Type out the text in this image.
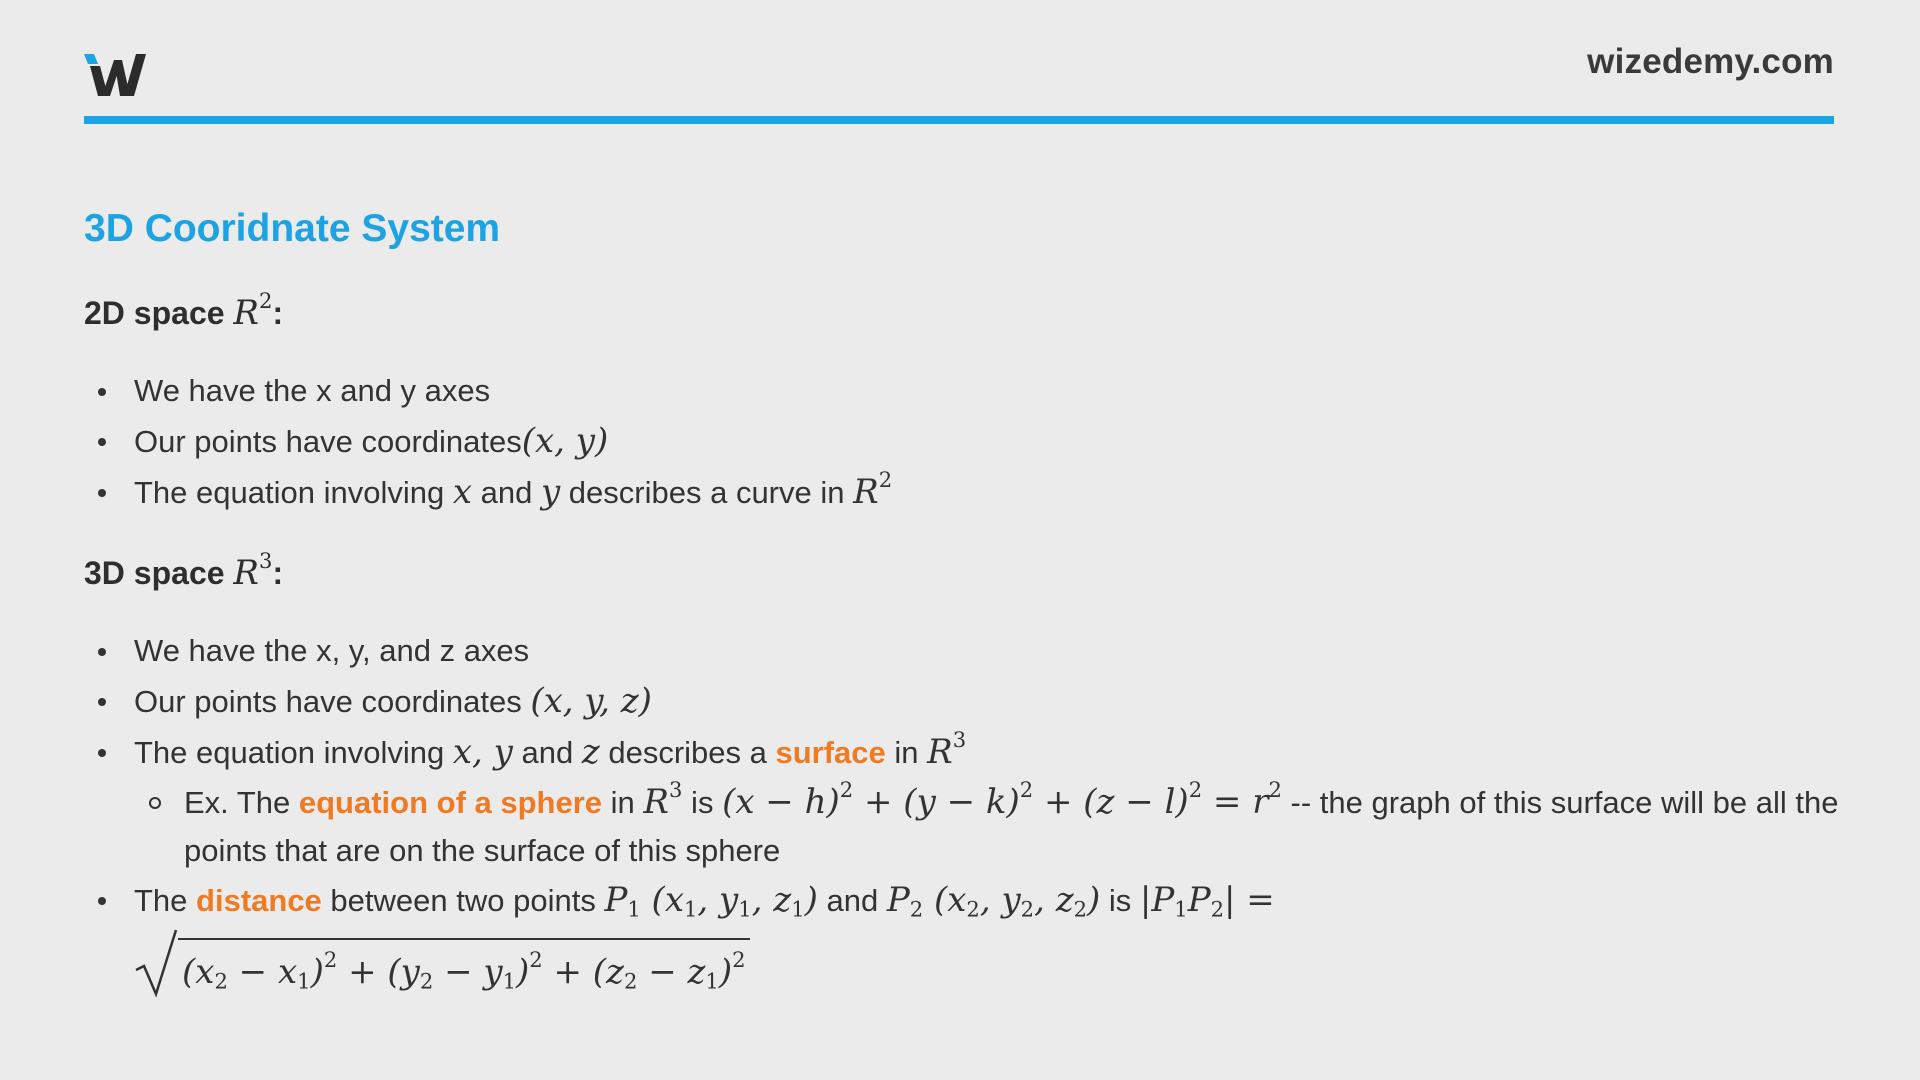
wizedemy.com
3D Cooridnate System
2D space $R^2$:
We have the x and y axes
Our points have coordinates(x, y)
The equation involving x and y describes a curve in $R^2$
3D space $R^3$:
We have the x, y, and z axes
Our points have coordinates (x, y, z)
The equation involving x, y and z describes a surface in $R^3$
Ex. The equation of a sphere in $R^3$ is $(x - h)^2 + (y - k)^2 + (z - l)^2 = r^2$ -- the graph of this surface will be all the points that are on the surface of this sphere
The distance between two points $P_1$ ($x_1$, $y_1$, $z_1$) and $P_2$ ($x_2$, $y_2$, $z_2$) is $|P_1P_2|$ =

$(x_2 - x_1)^2 + (y_2 - y_1)^2 + (z_2 - z_1)^2$
